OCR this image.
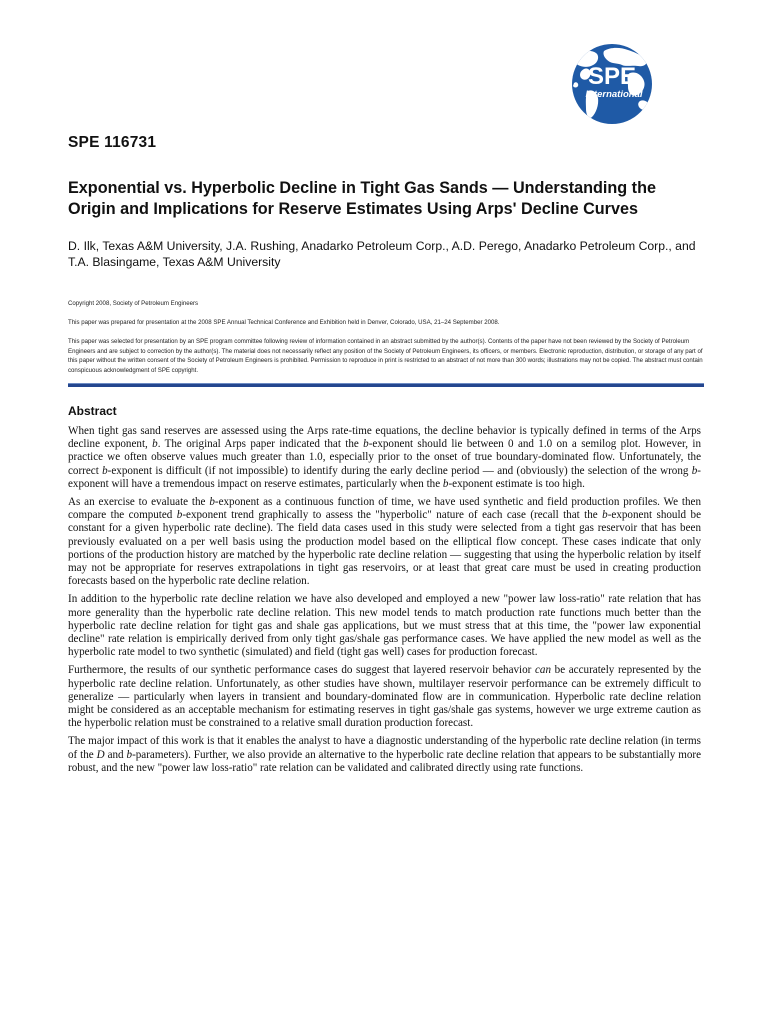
SPE
International
SPE 116731
Exponential vs. Hyperbolic Decline in Tight Gas Sands — Understanding the Origin and Implications for Reserve Estimates Using Arps' Decline Curves
D. Ilk, Texas A&M University, J.A. Rushing, Anadarko Petroleum Corp., A.D. Perego, Anadarko Petroleum Corp., and T.A. Blasingame, Texas A&M University
Copyright 2008, Society of Petroleum Engineers
This paper was prepared for presentation at the 2008 SPE Annual Technical Conference and Exhibition held in Denver, Colorado, USA, 21–24 September 2008.
This paper was selected for presentation by an SPE program committee following review of information contained in an abstract submitted by the author(s). Contents of the paper have not been reviewed by the Society of Petroleum Engineers and are subject to correction by the author(s). The material does not necessarily reflect any position of the Society of Petroleum Engineers, its officers, or members. Electronic reproduction, distribution, or storage of any part of this paper without the written consent of the Society of Petroleum Engineers is prohibited. Permission to reproduce in print is restricted to an abstract of not more than 300 words; illustrations may not be copied. The abstract must contain conspicuous acknowledgment of SPE copyright.
Abstract

When tight gas sand reserves are assessed using the Arps rate-time equations, the decline behavior is typically defined in terms of the Arps decline exponent, b. The original Arps paper indicated that the b-exponent should lie between 0 and 1.0 on a semilog plot. However, in practice we often observe values much greater than 1.0, especially prior to the onset of true boundary-dominated flow. Unfortunately, the correct b-exponent is difficult (if not impossible) to identify during the early decline period — and (obviously) the selection of the wrong b-exponent will have a tremendous impact on reserve estimates, particularly when the b-exponent estimate is too high.

As an exercise to evaluate the b-exponent as a continuous function of time, we have used synthetic and field production profiles. We then compare the computed b-exponent trend graphically to assess the "hyperbolic" nature of each case (recall that the b-exponent should be constant for a given hyperbolic rate decline). The field data cases used in this study were selected from a tight gas reservoir that has been previously evaluated on a per well basis using the production model based on the elliptical flow concept. These cases indicate that only portions of the production history are matched by the hyperbolic rate decline relation — suggesting that using the hyperbolic relation by itself may not be appropriate for reserves extrapolations in tight gas reservoirs, or at least that great care must be used in creating production forecasts based on the hyperbolic rate decline relation.

In addition to the hyperbolic rate decline relation we have also developed and employed a new "power law loss-ratio" rate relation that has more generality than the hyperbolic rate decline relation. This new model tends to match production rate functions much better than the hyperbolic rate decline relation for tight gas and shale gas applications, but we must stress that at this time, the "power law exponential decline" rate relation is empirically derived from only tight gas/shale gas performance cases. We have applied the new model as well as the hyperbolic rate model to two synthetic (simulated) and field (tight gas well) cases for production forecast.

Furthermore, the results of our synthetic performance cases do suggest that layered reservoir behavior can be accurately represented by the hyperbolic rate decline relation. Unfortunately, as other studies have shown, multilayer reservoir performance can be extremely difficult to generalize — particularly when layers in transient and boundary-dominated flow are in communication. Hyperbolic rate decline relation might be considered as an acceptable mechanism for estimating reserves in tight gas/shale gas systems, however we urge extreme caution as the hyperbolic relation must be constrained to a relative small duration production forecast.

The major impact of this work is that it enables the analyst to have a diagnostic understanding of the hyperbolic rate decline relation (in terms of the D and b-parameters). Further, we also provide an alternative to the hyperbolic rate decline relation that appears to be substantially more robust, and the new "power law loss-ratio" rate relation can be validated and calibrated directly using rate functions.
